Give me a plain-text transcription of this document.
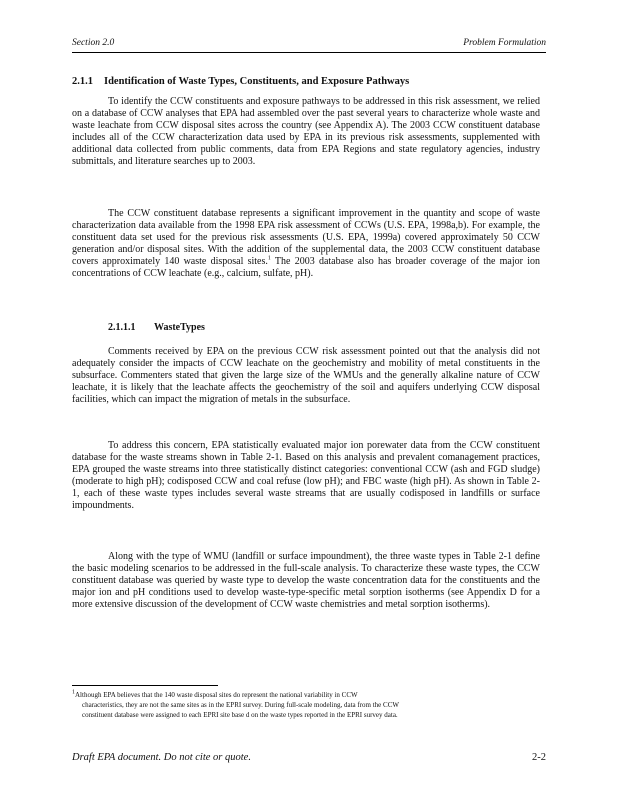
Section 2.0	Problem Formulation
2.1.1 Identification of Waste Types, Constituents, and Exposure Pathways

To identify the CCW constituents and exposure pathways to be addressed in this risk assessment, we relied on a database of CCW analyses that EPA had assembled over the past several years to characterize whole waste and waste leachate from CCW disposal sites across the country (see Appendix A). The 2003 CCW constituent database includes all of the CCW characterization data used by EPA in its previous risk assessments, supplemented with additional data collected from public comments, data from EPA Regions and state regulatory agencies, industry submittals, and literature searches up to 2003.

The CCW constituent database represents a significant improvement in the quantity and scope of waste characterization data available from the 1998 EPA risk assessment of CCWs (U.S. EPA, 1998a,b). For example, the constituent data set used for the previous risk assessments (U.S. EPA, 1999a) covered approximately 50 CCW generation and/or disposal sites. With the addition of the supplemental data, the 2003 CCW constituent database covers approximately 140 waste disposal sites.$^1$ The 2003 database also has broader coverage of the major ion concentrations of CCW leachate (e.g., calcium, sulfate, pH).

2.1.1.1 WasteTypes

Comments received by EPA on the previous CCW risk assessment pointed out that the analysis did not adequately consider the impacts of CCW leachate on the geochemistry and mobility of metal constituents in the subsurface. Commenters stated that given the large size of the WMUs and the generally alkaline nature of CCW leachate, it is likely that the leachate affects the geochemistry of the soil and aquifers underlying CCW disposal facilities, which can impact the migration of metals in the subsurface.

To address this concern, EPA statistically evaluated major ion porewater data from the CCW constituent database for the waste streams shown in Table 2-1. Based on this analysis and prevalent comanagement practices, EPA grouped the waste streams into three statistically distinct categories: conventional CCW (ash and FGD sludge) (moderate to high pH); codisposed CCW and coal refuse (low pH); and FBC waste (high pH). As shown in Table 2-1, each of these waste types includes several waste streams that are usually codisposed in landfills or surface impoundments.

Along with the type of WMU (landfill or surface impoundment), the three waste types in Table 2-1 define the basic modeling scenarios to be addressed in the full-scale analysis. To characterize these waste types, the CCW constituent database was queried by waste type to develop the waste concentration data for the constituents and the major ion and pH conditions used to develop waste-type-specific metal sorption isotherms (see Appendix D for a more extensive discussion of the development of CCW waste chemistries and metal sorption isotherms).

$^1$Although EPA believes that the 140 waste disposal sites do represent the national variability in CCW
characteristics, they are not the same sites as in the EPRI survey. During full-scale modeling, data from the CCW
constituent database were assigned to each EPRI site base d on the waste types reported in the EPRI survey data.
Draft EPA document. Do not cite or quote.	2-2
